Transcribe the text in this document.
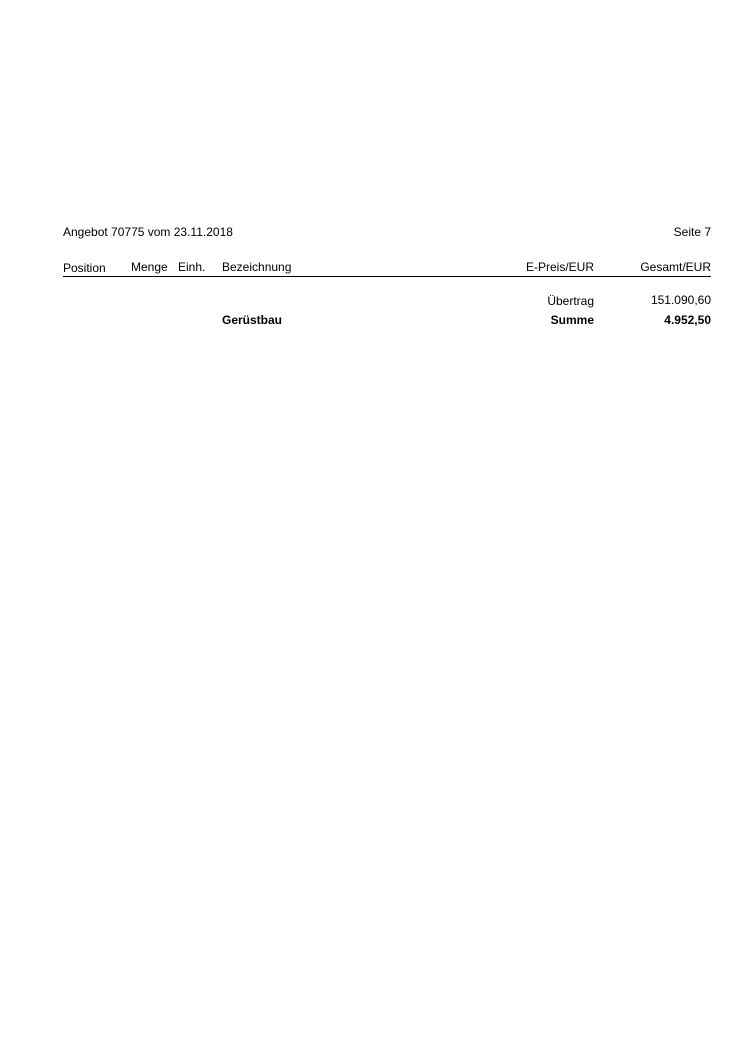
Angebot 70775 vom 23.11.2018	Seite 7
Position Menge Einh. Bezeichnung	E-Preis/EUR	Gesamt/EUR
Übertrag	151.090,60
Gerüstbau	Summe	4.952,50
